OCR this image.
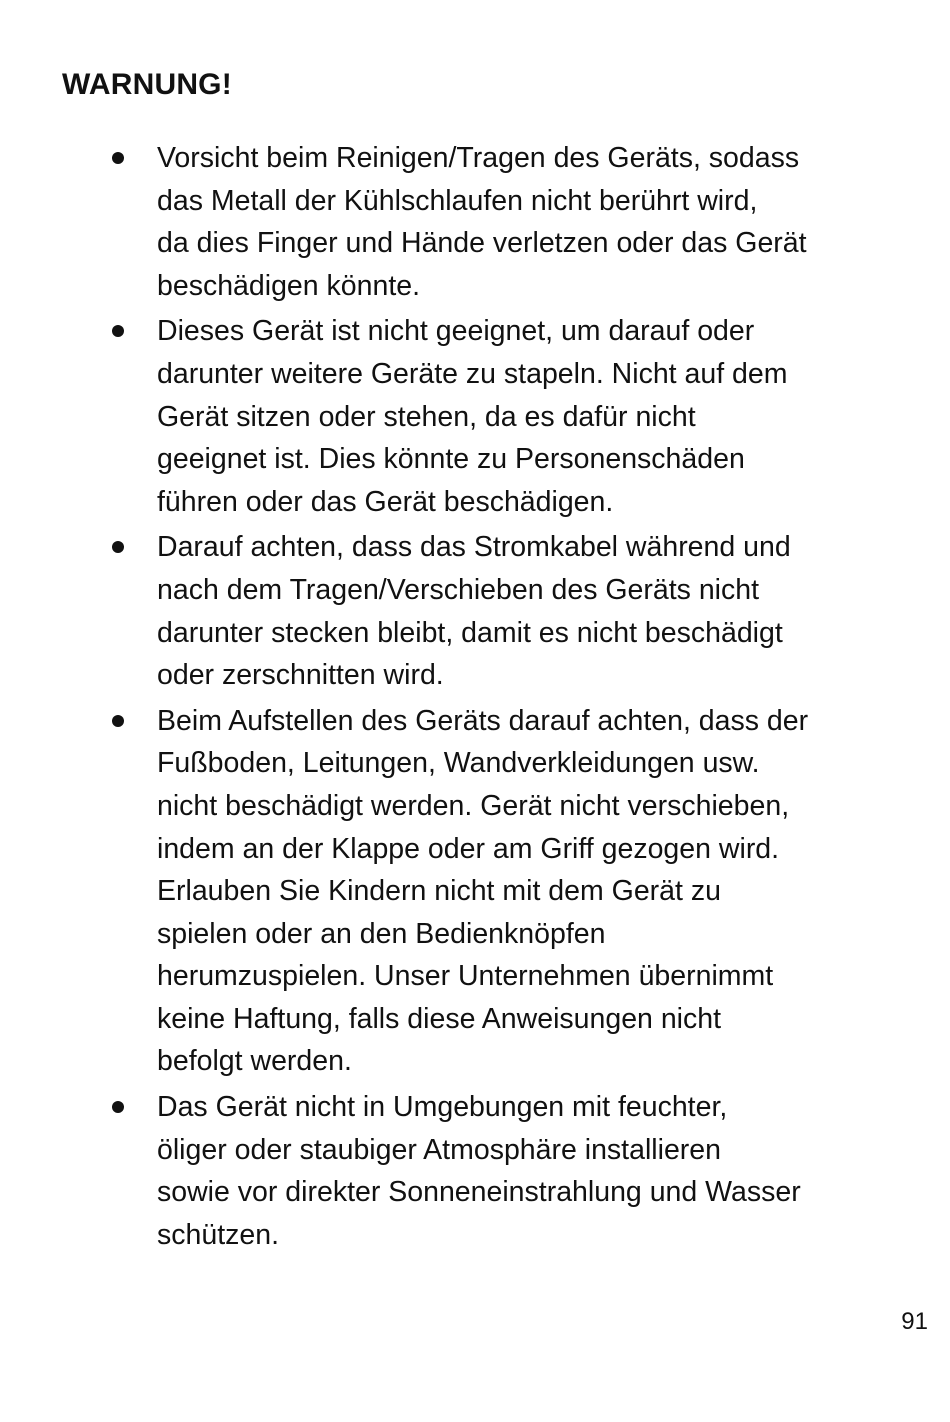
WARNUNG!
Vorsicht beim Reinigen/Tragen des Geräts, sodass
das Metall der Kühlschlaufen nicht berührt wird,
da dies Finger und Hände verletzen oder das Gerät
beschädigen könnte.
Dieses Gerät ist nicht geeignet, um darauf oder
darunter weitere Geräte zu stapeln. Nicht auf dem
Gerät sitzen oder stehen, da es dafür nicht
geeignet ist. Dies könnte zu Personenschäden
führen oder das Gerät beschädigen.
Darauf achten, dass das Stromkabel während und
nach dem Tragen/Verschieben des Geräts nicht
darunter stecken bleibt, damit es nicht beschädigt
oder zerschnitten wird.
Beim Aufstellen des Geräts darauf achten, dass der
Fußboden, Leitungen, Wandverkleidungen usw.
nicht beschädigt werden. Gerät nicht verschieben,
indem an der Klappe oder am Griff gezogen wird.
Erlauben Sie Kindern nicht mit dem Gerät zu
spielen oder an den Bedienknöpfen
herumzuspielen. Unser Unternehmen übernimmt
keine Haftung, falls diese Anweisungen nicht
befolgt werden.
Das Gerät nicht in Umgebungen mit feuchter,
öliger oder staubiger Atmosphäre installieren
sowie vor direkter Sonneneinstrahlung und Wasser
schützen.
91
